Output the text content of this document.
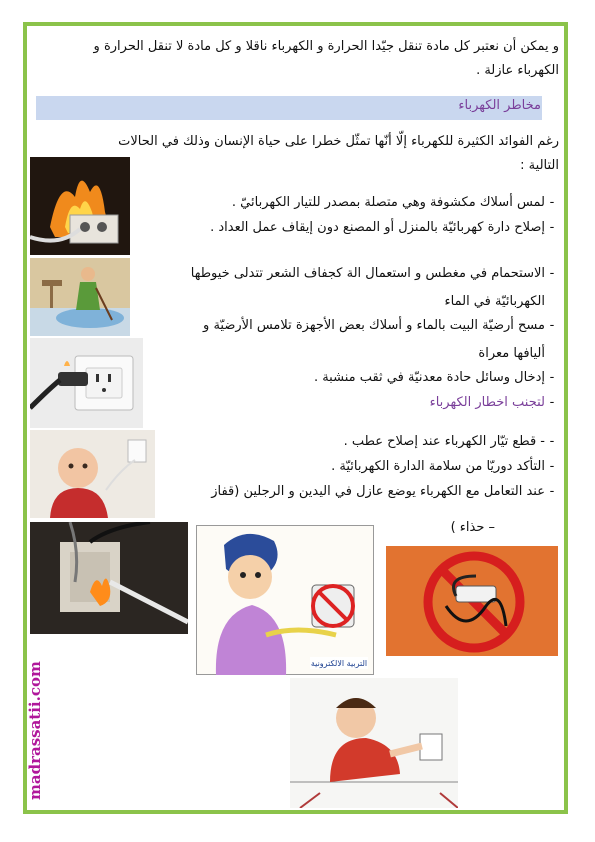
و يمكن أن نعتبر كل مادة تنقل جيّدا الحرارة و الكهرباء ناقلا و كل مادة لا تنقل الحرارة و
الكهرباء عازلة .
مخاطر الكهرباء
رغم الفوائد الكثيرة للكهرباء إلّا أنّها تمثّل خطرا على حياة الإنسان وذلك في الحالات
التالية :
-لمس أسلاك مكشوفة وهي متصلة بمصدر للتيار الكهربائيّ .
-إصلاح دارة كهربائيّة بالمنزل أو المصنع دون إيقاف عمل العداد .
-الاستحمام في مغطس و استعمال الة كجفاف الشعر تتدلى خيوطها
الكهربائيّة في الماء
-مسح أرضيّة البيت بالماء و أسلاك بعض الأجهزة تلامس الأرضيّة و
أليافها معراة
-إدخال وسائل حادة معدنيّة في ثقب منشبة .
-لتجنب اخطار الكهرباء
-- قطع تيّار الكهرباء عند إصلاح عطب .
-التأكد دوريّا من سلامة الدارة الكهربائيّة .
-عند التعامل مع الكهرباء يوضع عازل في اليدين و الرجلين (قفاز
– حذاء )
التربية الالكترونية
madrassatii.com
